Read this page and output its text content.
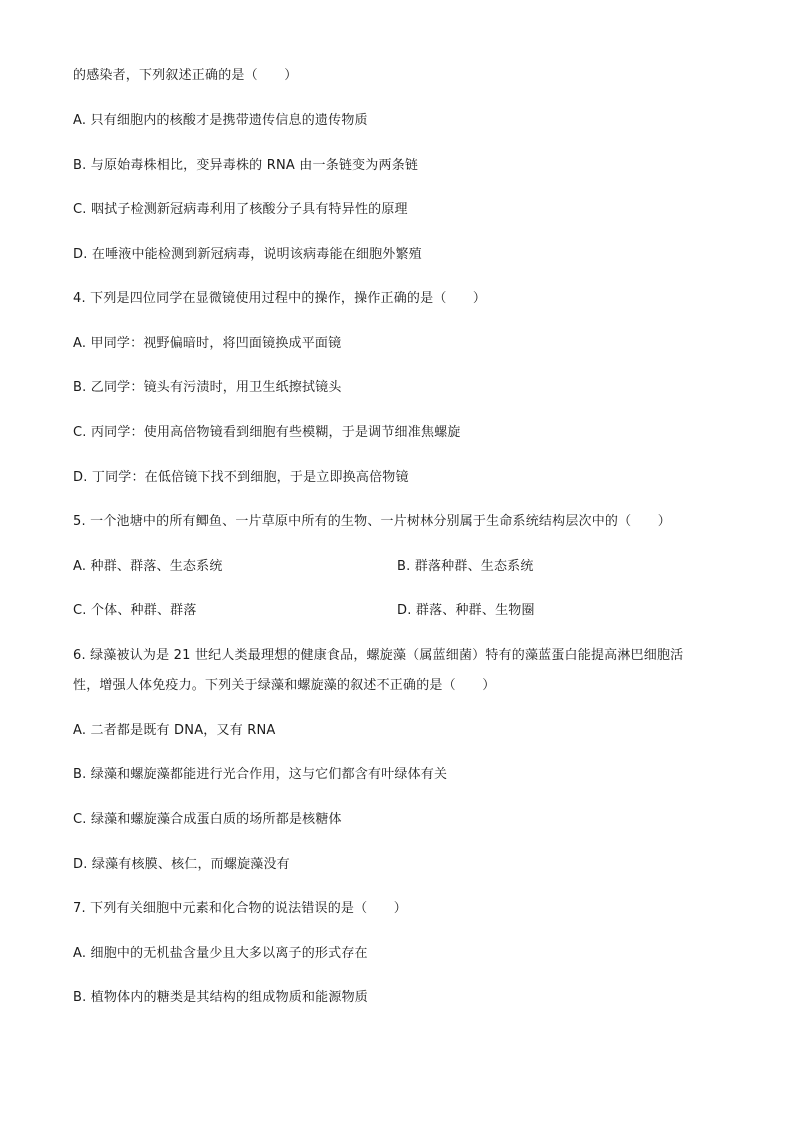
的感染者，下列叙述正确的是（　　）
A. 只有细胞内的核酸才是携带遗传信息的遗传物质
B. 与原始毒株相比，变异毒株的 RNA 由一条链变为两条链
C. 咽拭子检测新冠病毒利用了核酸分子具有特异性的原理
D. 在唾液中能检测到新冠病毒，说明该病毒能在细胞外繁殖
4. 下列是四位同学在显微镜使用过程中的操作，操作正确的是（　　）
A. 甲同学：视野偏暗时，将凹面镜换成平面镜
B. 乙同学：镜头有污渍时，用卫生纸擦拭镜头
C. 丙同学：使用高倍物镜看到细胞有些模糊，于是调节细准焦螺旋
D. 丁同学：在低倍镜下找不到细胞，于是立即换高倍物镜
5. 一个池塘中的所有鲫鱼、一片草原中所有的生物、一片树林分别属于生命系统结构层次中的（　　）
A. 种群、群落、生态系统	B. 群落种群、生态系统
C. 个体、种群、群落	D. 群落、种群、生物圈
6. 绿藻被认为是 21 世纪人类最理想的健康食品，螺旋藻（属蓝细菌）特有的藻蓝蛋白能提高淋巴细胞活
性，增强人体免疫力。下列关于绿藻和螺旋藻的叙述不正确的是（　　）
A. 二者都是既有 DNA，又有 RNA
B. 绿藻和螺旋藻都能进行光合作用，这与它们都含有叶绿体有关
C. 绿藻和螺旋藻合成蛋白质的场所都是核糖体
D. 绿藻有核膜、核仁，而螺旋藻没有
7. 下列有关细胞中元素和化合物的说法错误的是（　　）
A. 细胞中的无机盐含量少且大多以离子的形式存在
B. 植物体内的糖类是其结构的组成物质和能源物质
